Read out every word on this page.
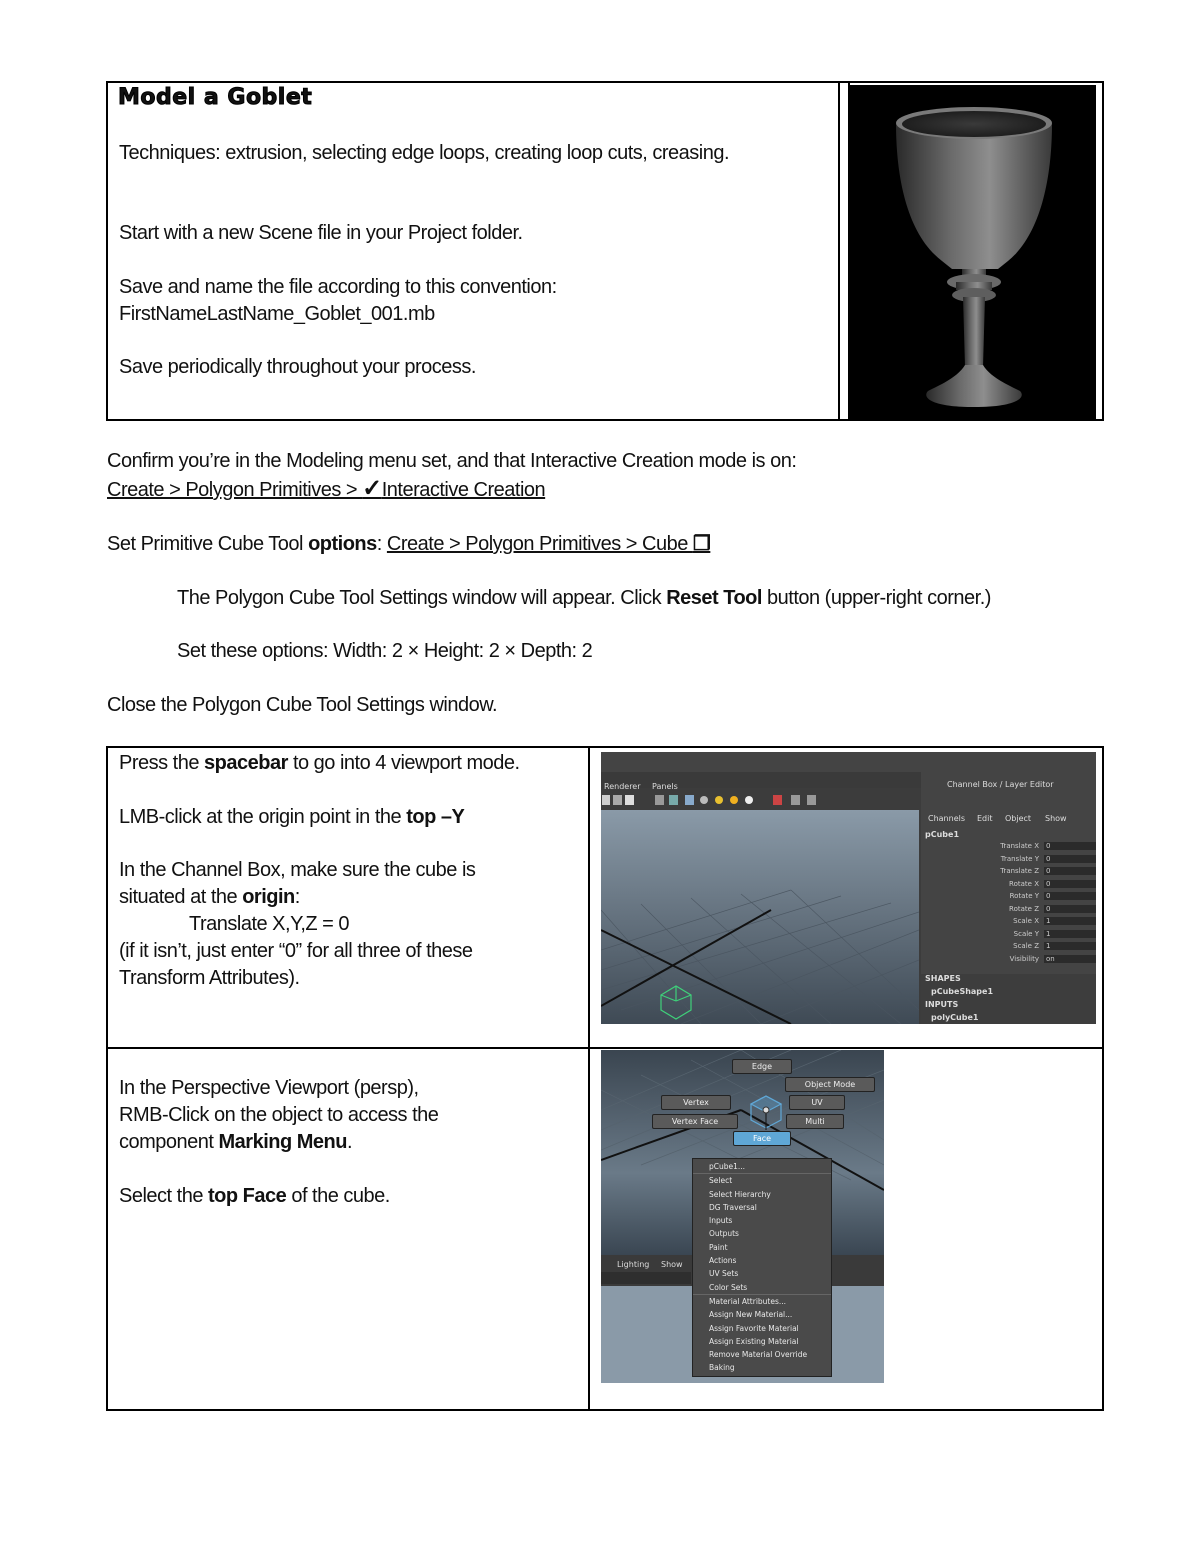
Model a Goblet
Techniques: extrusion, selecting edge loops, creating loop cuts, creasing.
Start with a new Scene file in your Project folder.
Save and name the file according to this convention:
FirstNameLastName_Goblet_001.mb
Save periodically throughout your process.
Confirm you’re in the Modeling menu set, and that Interactive Creation mode is on:
Create > Polygon Primitives > ✓Interactive Creation
Set Primitive Cube Tool options: Create > Polygon Primitives > Cube ❒
The Polygon Cube Tool Settings window will appear. Click Reset Tool button (upper-right corner.)
Set these options: Width: 2 × Height: 2 × Depth: 2
Close the Polygon Cube Tool Settings window.
Press the spacebar to go into 4 viewport mode.
LMB-click at the origin point in the top –Y
In the Channel Box, make sure the cube is
situated at the origin:
Translate X,Y,Z = 0
(if it isn’t, just enter “0” for all three of these
Transform Attributes).
Renderer Panels	Channel Box / Layer Editor
Channels Edit Object Show
pCube1
Translate X 0
Translate Y 0
Translate Z 0
Rotate X 0
Rotate Y 0
Rotate Z 0
Scale X 1
Scale Y 1
Scale Z 1
Visibility on
SHAPES
pCubeShape1
INPUTS
polyCube1
In the Perspective Viewport (persp),
RMB-Click on the object to access the
component Marking Menu.
Select the top Face of the cube.
Lighting Show
Edge
Object Mode
Vertex	UV
Vertex Face	Multi
Face
pCube1...
Select
Select Hierarchy
DG Traversal
Inputs
Outputs
Paint
Actions
UV Sets
Color Sets
Material Attributes...
Assign New Material...
Assign Favorite Material
Assign Existing Material
Remove Material Override
Baking
